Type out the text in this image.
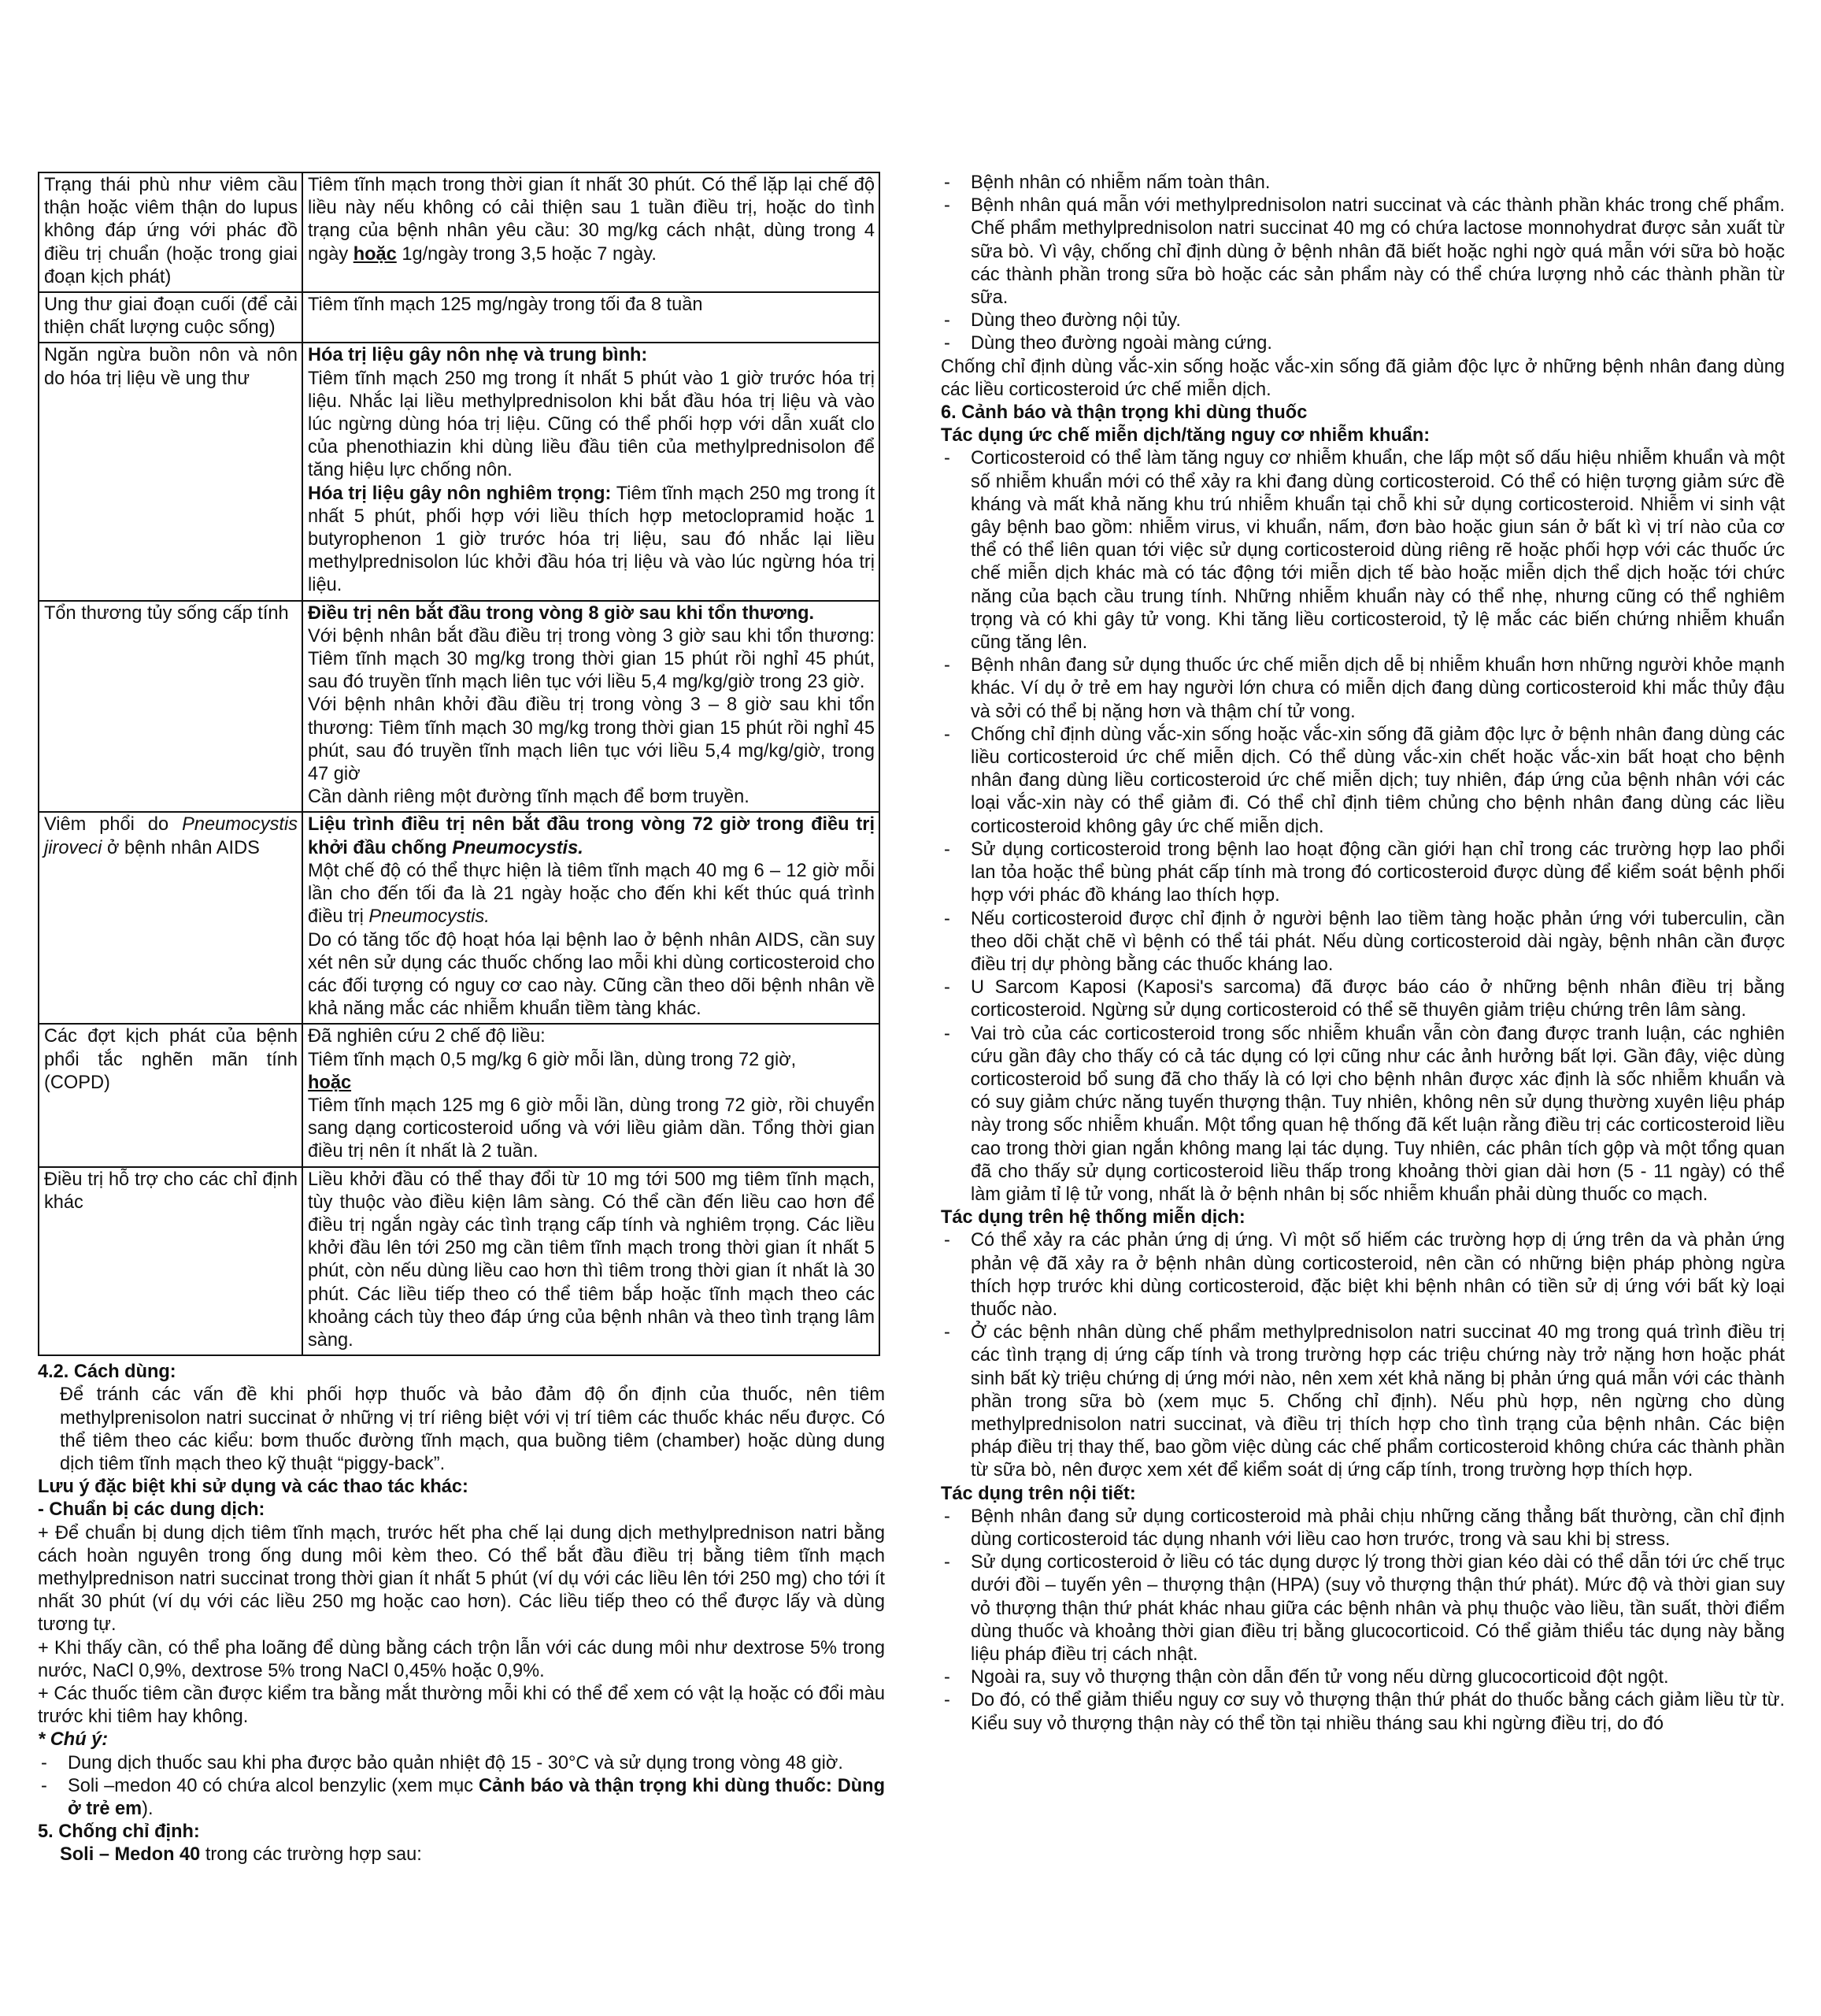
Trạng thái phù như viêm cầu thận hoặc viêm thận do lupus không đáp ứng với phác đồ điều trị chuẩn (hoặc trong giai đoạn kịch phát)	Tiêm tĩnh mạch trong thời gian ít nhất 30 phút. Có thể lặp lại chế độ liều này nếu không có cải thiện sau 1 tuần điều trị, hoặc do tình trạng của bệnh nhân yêu cầu: 30 mg/kg cách nhật, dùng trong 4 ngày hoặc 1g/ngày trong 3,5 hoặc 7 ngày.

Ung thư giai đoạn cuối (để cải thiện chất lượng cuộc sống)	Tiêm tĩnh mạch 125 mg/ngày trong tối đa 8 tuần

Ngăn ngừa buồn nôn và nôn do hóa trị liệu về ung thư	Hóa trị liệu gây nôn nhẹ và trung bình:
Tiêm tĩnh mạch 250 mg trong ít nhất 5 phút vào 1 giờ trước hóa trị liệu. Nhắc lại liều methylprednisolon khi bắt đầu hóa trị liệu và vào lúc ngừng dùng hóa trị liệu. Cũng có thể phối hợp với dẫn xuất clo của phenothiazin khi dùng liều đầu tiên của methylprednisolon để tăng hiệu lực chống nôn.
Hóa trị liệu gây nôn nghiêm trọng: Tiêm tĩnh mạch 250 mg trong ít nhất 5 phút, phối hợp với liều thích hợp metoclopramid hoặc 1 butyrophenon 1 giờ trước hóa trị liệu, sau đó nhắc lại liều methylprednisolon lúc khởi đầu hóa trị liệu và vào lúc ngừng hóa trị liệu.

Tổn thương tủy sống cấp tính	Điều trị nên bắt đầu trong vòng 8 giờ sau khi tổn thương.
Với bệnh nhân bắt đầu điều trị trong vòng 3 giờ sau khi tổn thương: Tiêm tĩnh mạch 30 mg/kg trong thời gian 15 phút rồi nghỉ 45 phút, sau đó truyền tĩnh mạch liên tục với liều 5,4 mg/kg/giờ trong 23 giờ.
Với bệnh nhân khởi đầu điều trị trong vòng 3 – 8 giờ sau khi tổn thương: Tiêm tĩnh mạch 30 mg/kg trong thời gian 15 phút rồi nghỉ 45 phút, sau đó truyền tĩnh mạch liên tục với liều 5,4 mg/kg/giờ, trong 47 giờ
Cần dành riêng một đường tĩnh mạch để bơm truyền.

Viêm phổi do Pneumocystis jiroveci ở bệnh nhân AIDS	Liệu trình điều trị nên bắt đầu trong vòng 72 giờ trong điều trị khởi đầu chống Pneumocystis.
Một chế độ có thể thực hiện là tiêm tĩnh mạch 40 mg 6 – 12 giờ mỗi lần cho đến tối đa là 21 ngày hoặc cho đến khi kết thúc quá trình điều trị Pneumocystis.
Do có tăng tốc độ hoạt hóa lại bệnh lao ở bệnh nhân AIDS, cần suy xét nên sử dụng các thuốc chống lao mỗi khi dùng corticosteroid cho các đối tượng có nguy cơ cao này. Cũng cần theo dõi bệnh nhân về khả năng mắc các nhiễm khuẩn tiềm tàng khác.

Các đợt kịch phát của bệnh phổi tắc nghẽn mãn tính (COPD)	Đã nghiên cứu 2 chế độ liều:
Tiêm tĩnh mạch 0,5 mg/kg 6 giờ mỗi lần, dùng trong 72 giờ,
hoặc
Tiêm tĩnh mạch 125 mg 6 giờ mỗi lần, dùng trong 72 giờ, rồi chuyển sang dạng corticosteroid uống và với liều giảm dần. Tổng thời gian điều trị nên ít nhất là 2 tuần.

Điều trị hỗ trợ cho các chỉ định khác	Liều khởi đầu có thể thay đổi từ 10 mg tới 500 mg tiêm tĩnh mạch, tùy thuộc vào điều kiện lâm sàng. Có thể cần đến liều cao hơn để điều trị ngắn ngày các tình trạng cấp tính và nghiêm trọng. Các liều khởi đầu lên tới 250 mg cần tiêm tĩnh mạch trong thời gian ít nhất 5 phút, còn nếu dùng liều cao hơn thì tiêm trong thời gian ít nhất là 30 phút. Các liều tiếp theo có thể tiêm bắp hoặc tĩnh mạch theo các khoảng cách tùy theo đáp ứng của bệnh nhân và theo tình trạng lâm sàng.

4.2. Cách dùng:

Để tránh các vấn đề khi phối hợp thuốc và bảo đảm độ ổn định của thuốc, nên tiêm methylprenisolon natri succinat ở những vị trí riêng biệt với vị trí tiêm các thuốc khác nếu được. Có thể tiêm theo các kiểu: bơm thuốc đường tĩnh mạch, qua buồng tiêm (chamber) hoặc dùng dung dịch tiêm tĩnh mạch theo kỹ thuật “piggy-back”.

Lưu ý đặc biệt khi sử dụng và các thao tác khác:

- Chuẩn bị các dung dịch:

+ Để chuẩn bị dung dịch tiêm tĩnh mạch, trước hết pha chế lại dung dịch methylprednison natri bằng cách hoàn nguyên trong ống dung môi kèm theo. Có thể bắt đầu điều trị bằng tiêm tĩnh mạch methylprednison natri succinat trong thời gian ít nhất 5 phút (ví dụ với các liều lên tới 250 mg) cho tới ít nhất 30 phút (ví dụ với các liều 250 mg hoặc cao hơn). Các liều tiếp theo có thể được lấy và dùng tương tự.

+ Khi thấy cần, có thể pha loãng để dùng bằng cách trộn lẫn với các dung môi như dextrose 5% trong nước, NaCl 0,9%, dextrose 5% trong NaCl 0,45% hoặc 0,9%.

+ Các thuốc tiêm cần được kiểm tra bằng mắt thường mỗi khi có thể để xem có vật lạ hoặc có đổi màu trước khi tiêm hay không.

* Chú ý:

- Dung dịch thuốc sau khi pha được bảo quản nhiệt độ 15 - 30°C và sử dụng trong vòng 48 giờ.

- Soli –medon 40 có chứa alcol benzylic (xem mục Cảnh báo và thận trọng khi dùng thuốc: Dùng ở trẻ em).

5. Chống chỉ định:

Soli – Medon 40 trong các trường hợp sau:

- Bệnh nhân có nhiễm nấm toàn thân.

- Bệnh nhân quá mẫn với methylprednisolon natri succinat và các thành phần khác trong chế phẩm. Chế phẩm methylprednisolon natri succinat 40 mg có chứa lactose monnohydrat được sản xuất từ sữa bò. Vì vậy, chống chỉ định dùng ở bệnh nhân đã biết hoặc nghi ngờ quá mẫn với sữa bò hoặc các thành phần trong sữa bò hoặc các sản phẩm này có thể chứa lượng nhỏ các thành phần từ sữa.

- Dùng theo đường nội tủy.

- Dùng theo đường ngoài màng cứng.

Chống chỉ định dùng vắc-xin sống hoặc vắc-xin sống đã giảm độc lực ở những bệnh nhân đang dùng các liều corticosteroid ức chế miễn dịch.

6. Cảnh báo và thận trọng khi dùng thuốc

Tác dụng ức chế miễn dịch/tăng nguy cơ nhiễm khuẩn:

- Corticosteroid có thể làm tăng nguy cơ nhiễm khuẩn, che lấp một số dấu hiệu nhiễm khuẩn và một số nhiễm khuẩn mới có thể xảy ra khi đang dùng corticosteroid. Có thể có hiện tượng giảm sức đề kháng và mất khả năng khu trú nhiễm khuẩn tại chỗ khi sử dụng corticosteroid. Nhiễm vi sinh vật gây bệnh bao gồm: nhiễm virus, vi khuẩn, nấm, đơn bào hoặc giun sán ở bất kì vị trí nào của cơ thể có thể liên quan tới việc sử dụng corticosteroid dùng riêng rẽ hoặc phối hợp với các thuốc ức chế miễn dịch khác mà có tác động tới miễn dịch tế bào hoặc miễn dịch thể dịch hoặc tới chức năng của bạch cầu trung tính. Những nhiễm khuẩn này có thể nhẹ, nhưng cũng có thể nghiêm trọng và có khi gây tử vong. Khi tăng liều corticosteroid, tỷ lệ mắc các biến chứng nhiễm khuẩn cũng tăng lên.

- Bệnh nhân đang sử dụng thuốc ức chế miễn dịch dễ bị nhiễm khuẩn hơn những người khỏe mạnh khác. Ví dụ ở trẻ em hay người lớn chưa có miễn dịch đang dùng corticosteroid khi mắc thủy đậu và sởi có thể bị nặng hơn và thậm chí tử vong.

- Chống chỉ định dùng vắc-xin sống hoặc vắc-xin sống đã giảm độc lực ở bệnh nhân đang dùng các liều corticosteroid ức chế miễn dịch. Có thể dùng vắc-xin chết hoặc vắc-xin bất hoạt cho bệnh nhân đang dùng liều corticosteroid ức chế miễn dịch; tuy nhiên, đáp ứng của bệnh nhân với các loại vắc-xin này có thể giảm đi. Có thể chỉ định tiêm chủng cho bệnh nhân đang dùng các liều corticosteroid không gây ức chế miễn dịch.

- Sử dụng corticosteroid trong bệnh lao hoạt động cần giới hạn chỉ trong các trường hợp lao phổi lan tỏa hoặc thể bùng phát cấp tính mà trong đó corticosteroid được dùng để kiểm soát bệnh phối hợp với phác đồ kháng lao thích hợp.

- Nếu corticosteroid được chỉ định ở người bệnh lao tiềm tàng hoặc phản ứng với tuberculin, cần theo dõi chặt chẽ vì bệnh có thể tái phát. Nếu dùng corticosteroid dài ngày, bệnh nhân cần được điều trị dự phòng bằng các thuốc kháng lao.

- U Sarcom Kaposi (Kaposi's sarcoma) đã được báo cáo ở những bệnh nhân điều trị bằng corticosteroid. Ngừng sử dụng corticosteroid có thể sẽ thuyên giảm triệu chứng trên lâm sàng.

- Vai trò của các corticosteroid trong sốc nhiễm khuẩn vẫn còn đang được tranh luận, các nghiên cứu gần đây cho thấy có cả tác dụng có lợi cũng như các ảnh hưởng bất lợi. Gần đây, việc dùng corticosteroid bổ sung đã cho thấy là có lợi cho bệnh nhân được xác định là sốc nhiễm khuẩn và có suy giảm chức năng tuyến thượng thận. Tuy nhiên, không nên sử dụng thường xuyên liệu pháp này trong sốc nhiễm khuẩn. Một tổng quan hệ thống đã kết luận rằng điều trị các corticosteroid liều cao trong thời gian ngắn không mang lại tác dụng. Tuy nhiên, các phân tích gộp và một tổng quan đã cho thấy sử dụng corticosteroid liều thấp trong khoảng thời gian dài hơn (5 - 11 ngày) có thể làm giảm tỉ lệ tử vong, nhất là ở bệnh nhân bị sốc nhiễm khuẩn phải dùng thuốc co mạch.

Tác dụng trên hệ thống miễn dịch:

- Có thể xảy ra các phản ứng dị ứng. Vì một số hiếm các trường hợp dị ứng trên da và phản ứng phản vệ đã xảy ra ở bệnh nhân dùng corticosteroid, nên cần có những biện pháp phòng ngừa thích hợp trước khi dùng corticosteroid, đặc biệt khi bệnh nhân có tiền sử dị ứng với bất kỳ loại thuốc nào.

- Ở các bệnh nhân dùng chế phẩm methylprednisolon natri succinat 40 mg trong quá trình điều trị các tình trạng dị ứng cấp tính và trong trường hợp các triệu chứng này trở nặng hơn hoặc phát sinh bất kỳ triệu chứng dị ứng mới nào, nên xem xét khả năng bị phản ứng quá mẫn với các thành phần trong sữa bò (xem mục 5. Chống chỉ định). Nếu phù hợp, nên ngừng cho dùng methylprednisolon natri succinat, và điều trị thích hợp cho tình trạng của bệnh nhân. Các biện pháp điều trị thay thế, bao gồm việc dùng các chế phẩm corticosteroid không chứa các thành phần từ sữa bò, nên được xem xét để kiểm soát dị ứng cấp tính, trong trường hợp thích hợp.

Tác dụng trên nội tiết:

- Bệnh nhân đang sử dụng corticosteroid mà phải chịu những căng thẳng bất thường, cần chỉ định dùng corticosteroid tác dụng nhanh với liều cao hơn trước, trong và sau khi bị stress.

- Sử dụng corticosteroid ở liều có tác dụng dược lý trong thời gian kéo dài có thể dẫn tới ức chế trục dưới đồi – tuyến yên – thượng thận (HPA) (suy vỏ thượng thận thứ phát). Mức độ và thời gian suy vỏ thượng thận thứ phát khác nhau giữa các bệnh nhân và phụ thuộc vào liều, tần suất, thời điểm dùng thuốc và khoảng thời gian điều trị bằng glucocorticoid. Có thể giảm thiểu tác dụng này bằng liệu pháp điều trị cách nhật.

- Ngoài ra, suy vỏ thượng thận còn dẫn đến tử vong nếu dừng glucocorticoid đột ngột.

- Do đó, có thể giảm thiểu nguy cơ suy vỏ thượng thận thứ phát do thuốc bằng cách giảm liều từ từ. Kiểu suy vỏ thượng thận này có thể tồn tại nhiều tháng sau khi ngừng điều trị, do đó
